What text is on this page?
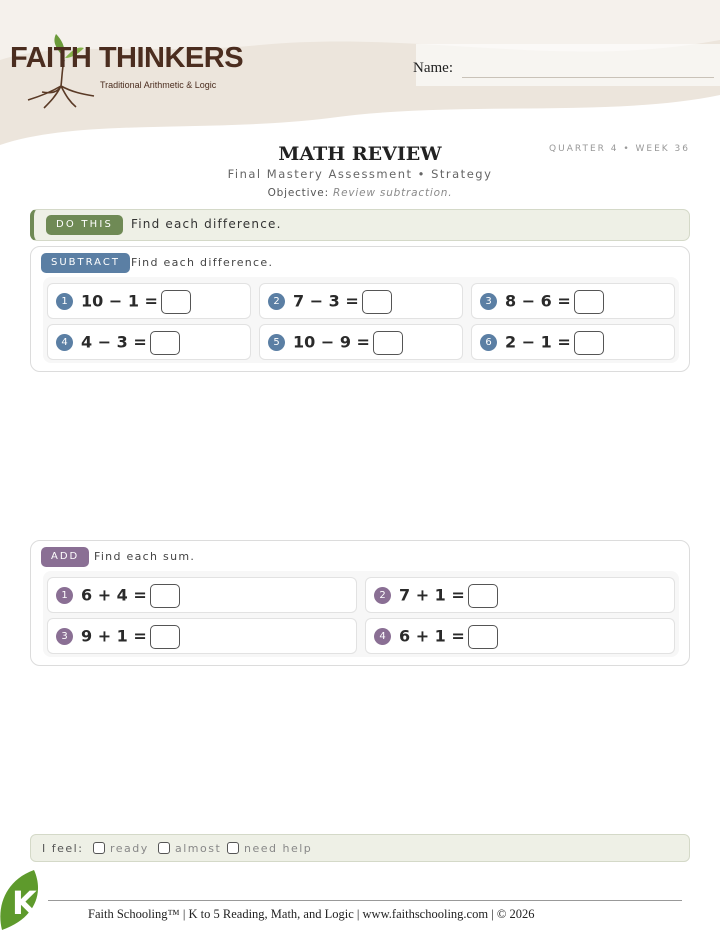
FAITH THINKERS
Traditional Arithmetic & Logic
Name:
MATH REVIEW	QUARTER 4 • WEEK 36
Final Mastery Assessment • Strategy
Objective: Review subtraction.
DO THIS	Find each difference.
SUBTRACT	Find each difference.
1 10 − 1 =	2 7 − 3 =	3 8 − 6 =
4 4 − 3 =	5 10 − 9 =	6 2 − 1 =
ADD	Find each sum.
1 6 + 4 =	2 7 + 1 =
3 9 + 1 =	4 6 + 1 =
I feel:	ready	almost	need help
K	Faith Schooling™ | K to 5 Reading, Math, and Logic | www.faithschooling.com | © 2026
